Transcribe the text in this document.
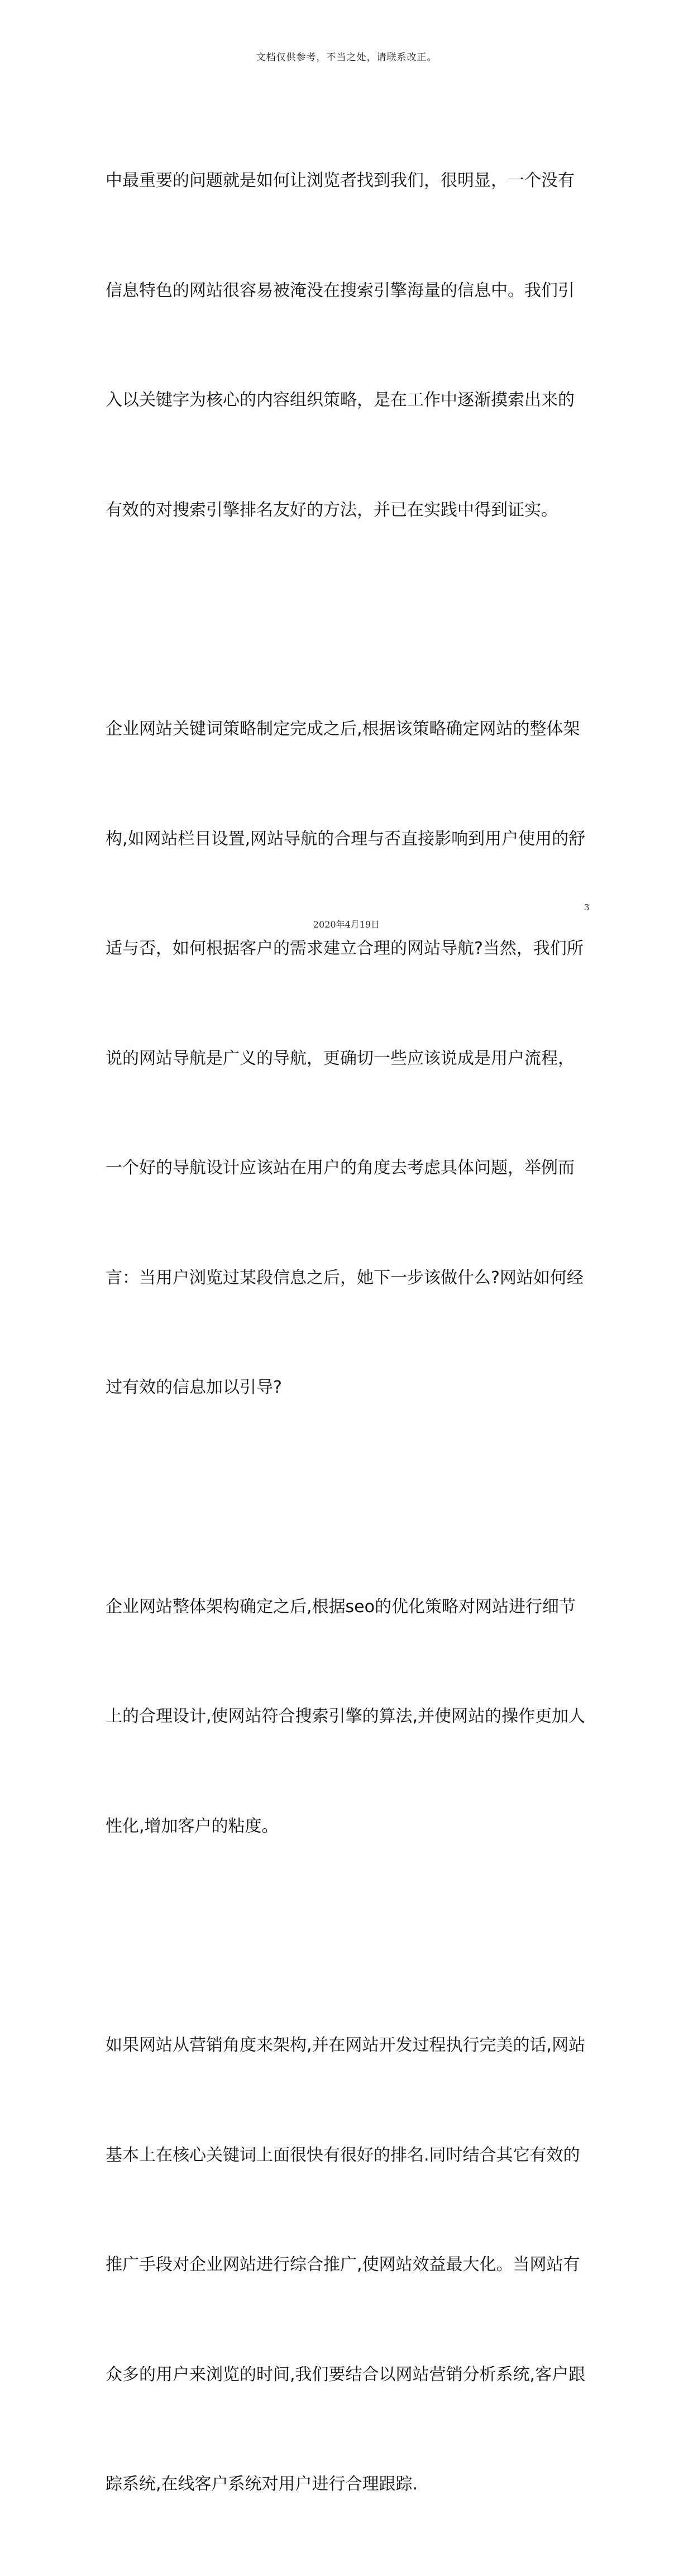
文档仅供参考，不当之处，请联系改正。

中最重要的问题就是如何让浏览者找到我们，很明显，一个没有

信息特色的网站很容易被淹没在搜索引擎海量的信息中。我们引

入以关键字为核心的内容组织策略，是在工作中逐渐摸索出来的

有效的对搜索引擎排名友好的方法，并已在实践中得到证实。

企业网站关键词策略制定完成之后,根据该策略确定网站的整体架

构,如网站栏目设置,网站导航的合理与否直接影响到用户使用的舒

适与否，如何根据客户的需求建立合理的网站导航?当然，我们所

说的网站导航是广义的导航，更确切一些应该说成是用户流程，

一个好的导航设计应该站在用户的角度去考虑具体问题，举例而

言：当用户浏览过某段信息之后，她下一步该做什么?网站如何经

过有效的信息加以引导?

企业网站整体架构确定之后,根据seo的优化策略对网站进行细节

上的合理设计,使网站符合搜索引擎的算法,并使网站的操作更加人

性化,增加客户的粘度。

如果网站从营销角度来架构,并在网站开发过程执行完美的话,网站

基本上在核心关键词上面很快有很好的排名.同时结合其它有效的

推广手段对企业网站进行综合推广,使网站效益最大化。当网站有

众多的用户来浏览的时间,我们要结合以网站营销分析系统,客户跟

踪系统,在线客户系统对用户进行合理跟踪.

3
2020年4月19日
